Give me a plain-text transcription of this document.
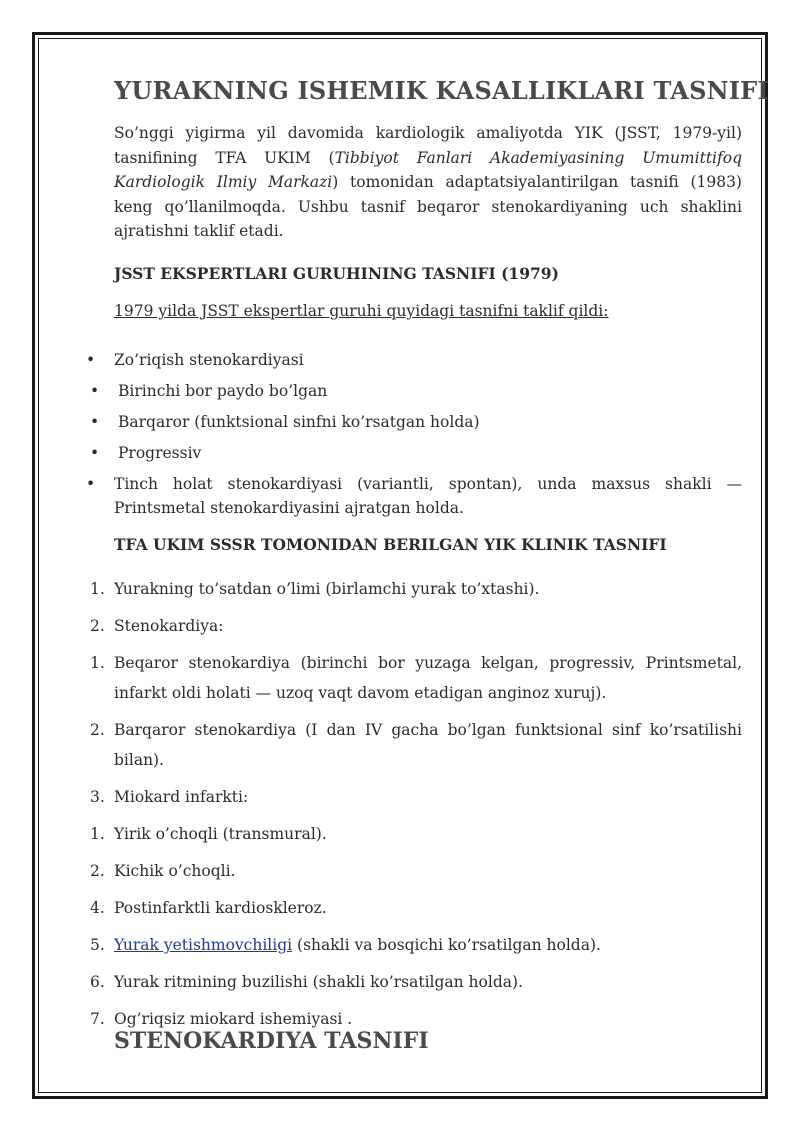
YURAKNING ISHEMIK KASALLIKLARI TASNIFI

So’nggi yigirma yil davomida kardiologik amaliyotda YIK (JSST, 1979-yil) tasnifining TFA UKIM (Tibbiyot Fanlari Akademiyasining Umumittifoq Kardiologik Ilmiy Markazi) tomonidan adaptatsiyalantirilgan tasnifi (1983) keng qo’llanilmoqda. Ushbu tasnif beqaror stenokardiyaning uch shaklini ajratishni taklif etadi.

JSST EKSPERTLARI GURUHINING TASNIFI (1979)

1979 yilda JSST ekspertlar guruhi quyidagi tasnifni taklif qildi:

•	Zo’riqish stenokardiyasi
•	Birinchi bor paydo bo’lgan
•	Barqaror (funktsional sinfni ko’rsatgan holda)
•	Progressiv
•	Tinch holat stenokardiyasi (variantli, spontan), unda maxsus shakli — Printsmetal stenokardiyasini ajratgan holda.
TFA UKIM SSSR TOMONIDAN BERILGAN YIK KLINIK TASNIFI
1. Yurakning to’satdan o’limi (birlamchi yurak to’xtashi).
2. Stenokardiya:
1. Beqaror stenokardiya (birinchi bor yuzaga kelgan, progressiv, Printsmetal, infarkt oldi holati — uzoq vaqt davom etadigan anginoz xuruj).
2. Barqaror stenokardiya (I dan IV gacha bo’lgan funktsional sinf ko’rsatilishi bilan).
3. Miokard infarkti:
1. Yirik o’choqli (transmural).
2. Kichik o’choqli.
4. Postinfarktli kardioskleroz.
5. Yurak yetishmovchiligi (shakli va bosqichi ko’rsatilgan holda).
6. Yurak ritmining buzilishi (shakli ko’rsatilgan holda).
7. Og’riqsiz miokard ishemiyasi .
STENOKARDIYA TASNIFI
